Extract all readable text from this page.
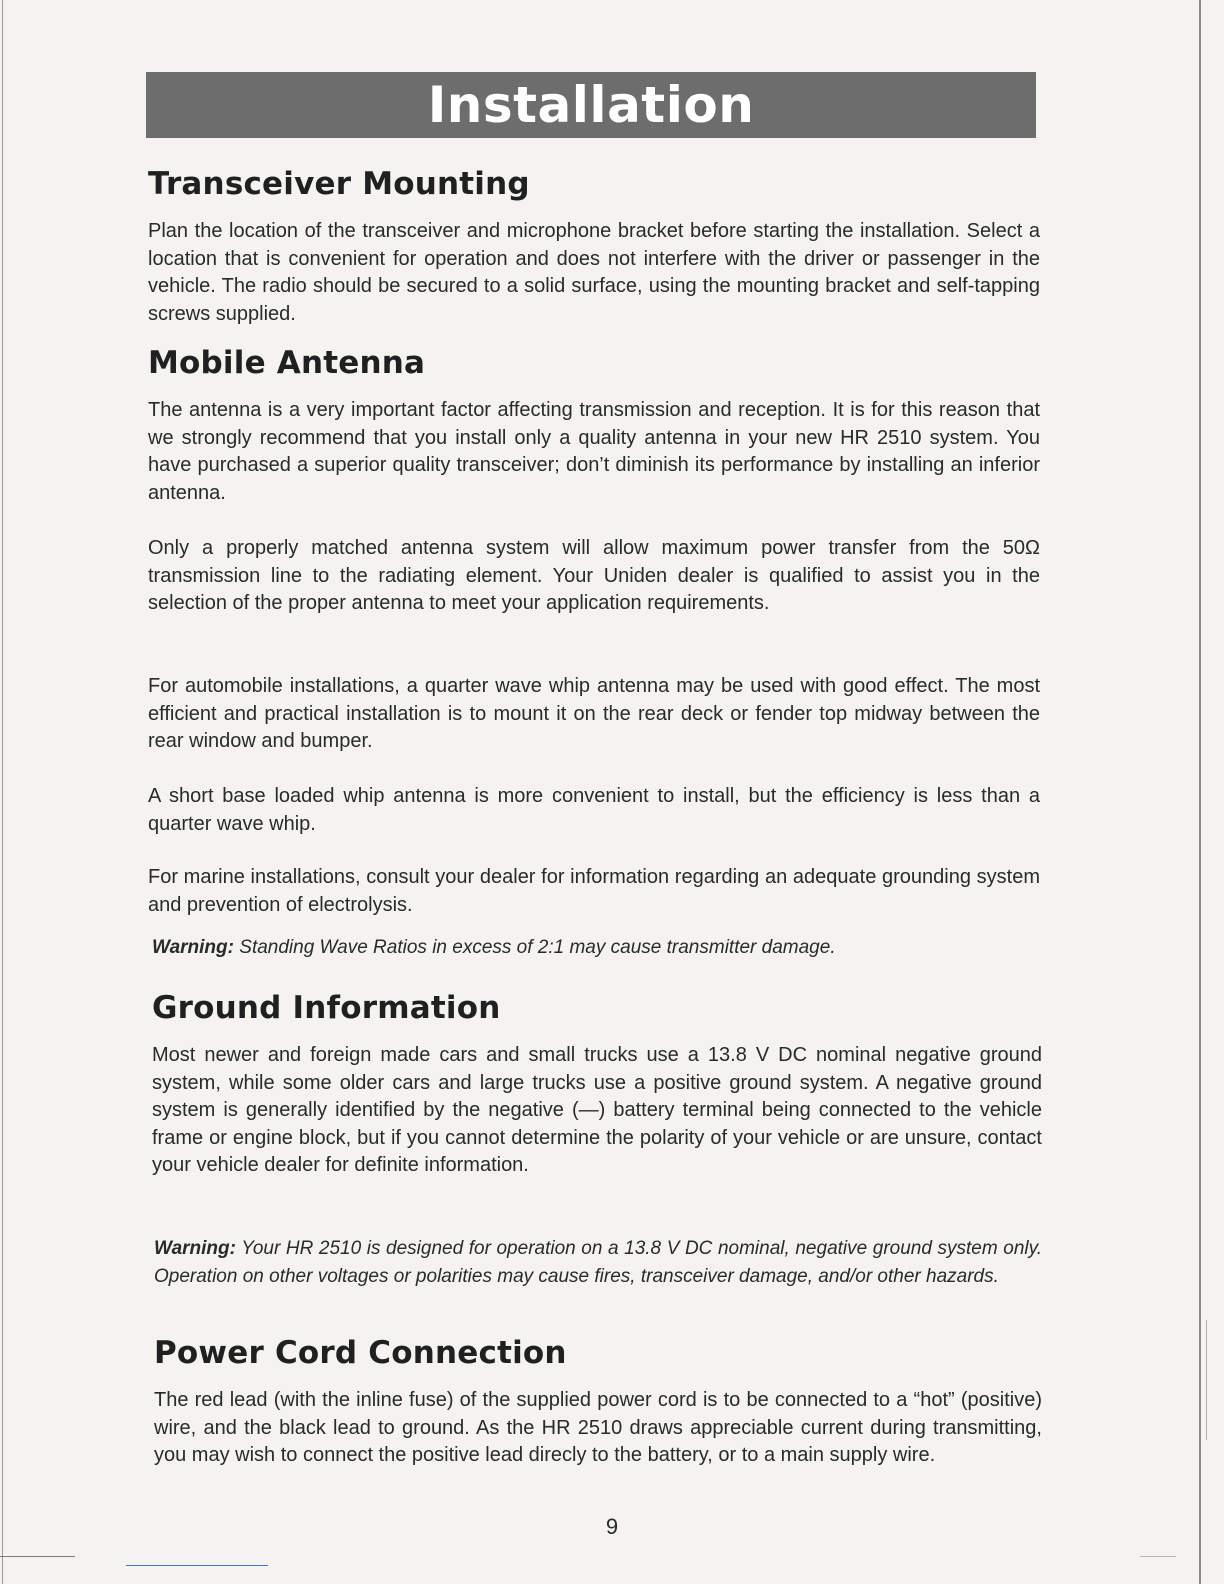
Installation
Transceiver Mounting

Plan the location of the transceiver and microphone bracket before starting the installation. Select a location that is convenient for operation and does not interfere with the driver or passenger in the vehicle. The radio should be secured to a solid surface, using the mounting bracket and self-tapping screws supplied.

Mobile Antenna

The antenna is a very important factor affecting transmission and reception. It is for this reason that we strongly recommend that you install only a quality antenna in your new HR 2510 system. You have purchased a superior quality transceiver; don’t diminish its performance by installing an inferior antenna.

Only a properly matched antenna system will allow maximum power transfer from the 50Ω transmission line to the radiating element. Your Uniden dealer is qualified to assist you in the selection of the proper antenna to meet your application requirements.

For automobile installations, a quarter wave whip antenna may be used with good effect. The most efficient and practical installation is to mount it on the rear deck or fender top midway between the rear window and bumper.

A short base loaded whip antenna is more convenient to install, but the efficiency is less than a quarter wave whip.

For marine installations, consult your dealer for information regarding an adequate grounding system and prevention of electrolysis.

Warning: Standing Wave Ratios in excess of 2:1 may cause transmitter damage.
Ground Information

Most newer and foreign made cars and small trucks use a 13.8 V DC nominal negative ground system, while some older cars and large trucks use a positive ground system. A negative ground system is generally identified by the negative (—) battery terminal being connected to the vehicle frame or engine block, but if you cannot determine the polarity of your vehicle or are unsure, contact your vehicle dealer for definite information.

Warning: Your HR 2510 is designed for operation on a 13.8 V DC nominal, negative ground system only. Operation on other voltages or polarities may cause fires, transceiver damage, and/or other hazards.
Power Cord Connection

The red lead (with the inline fuse) of the supplied power cord is to be connected to a “hot” (positive) wire, and the black lead to ground. As the HR 2510 draws appreciable current during transmitting, you may wish to connect the positive lead direcly to the battery, or to a main supply wire.

9
